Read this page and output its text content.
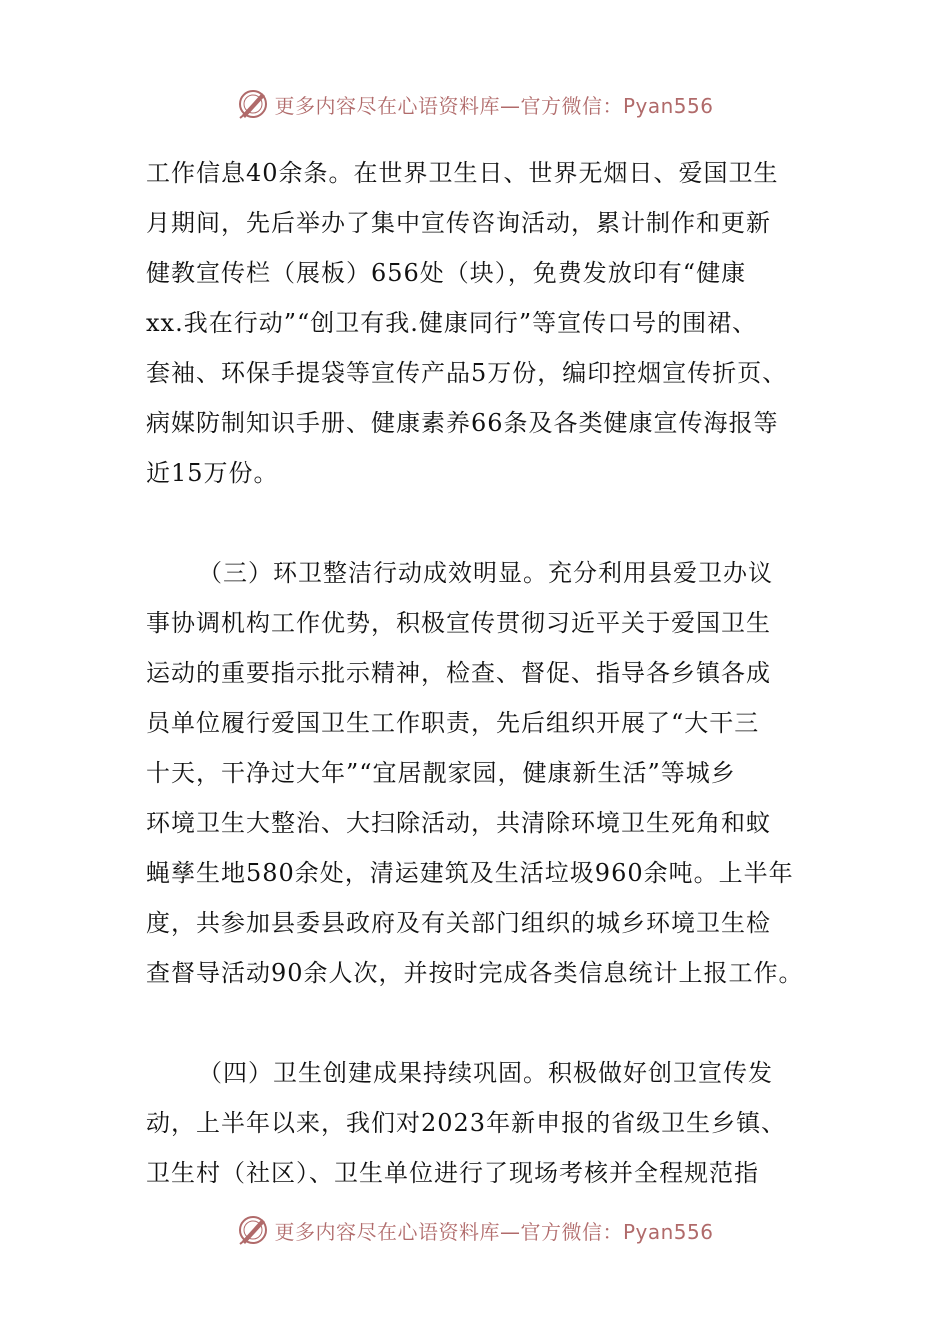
更多内容尽在心语资料库—官方微信：Pyan556

工作信息40余条。在世界卫生日、世界无烟日、爱国卫生
月期间，先后举办了集中宣传咨询活动，累计制作和更新
健教宣传栏（展板）656处（块），免费发放印有“健康
xx.我在行动”“创卫有我.健康同行”等宣传口号的围裙、
套袖、环保手提袋等宣传产品5万份，编印控烟宣传折页、
病媒防制知识手册、健康素养66条及各类健康宣传海报等
近15万份。

（三）环卫整洁行动成效明显。充分利用县爱卫办议
事协调机构工作优势，积极宣传贯彻习近平关于爱国卫生
运动的重要指示批示精神，检查、督促、指导各乡镇各成
员单位履行爱国卫生工作职责，先后组织开展了“大干三
十天，干净过大年”“宜居靓家园，健康新生活”等城乡
环境卫生大整治、大扫除活动，共清除环境卫生死角和蚊
蝇孳生地580余处，清运建筑及生活垃圾960余吨。上半年
度，共参加县委县政府及有关部门组织的城乡环境卫生检
查督导活动90余人次，并按时完成各类信息统计上报工作。

（四）卫生创建成果持续巩固。积极做好创卫宣传发
动，上半年以来，我们对2023年新申报的省级卫生乡镇、
卫生村（社区）、卫生单位进行了现场考核并全程规范指

更多内容尽在心语资料库—官方微信：Pyan556
